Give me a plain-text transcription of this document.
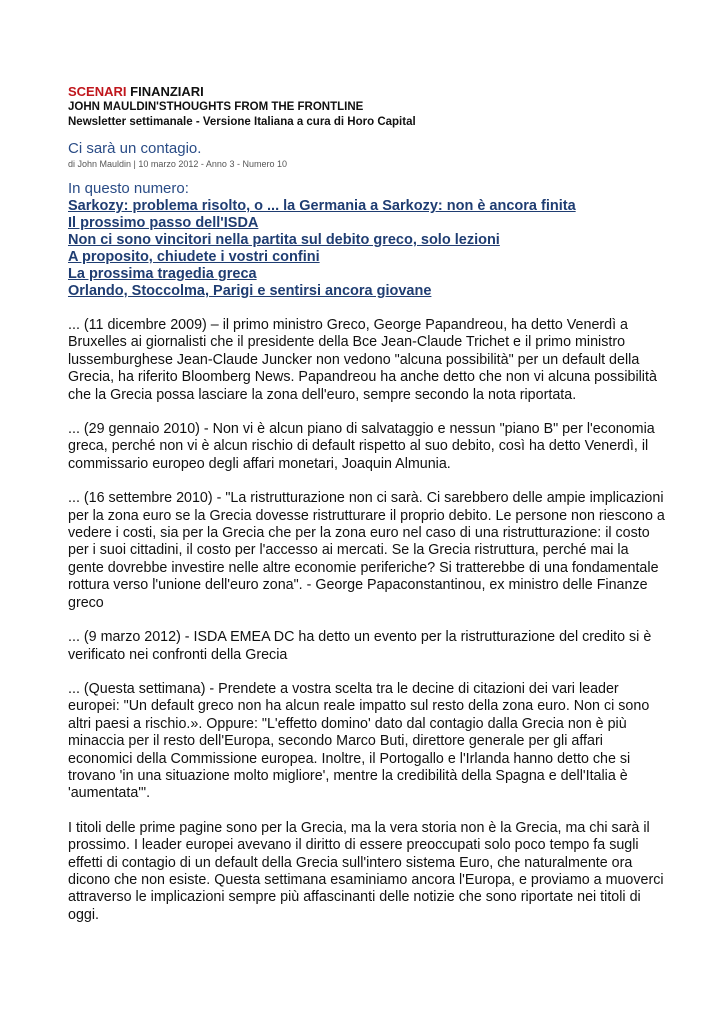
SCENARI FINANZIARI
JOHN MAULDIN'STHOUGHTS FROM THE FRONTLINE
Newsletter settimanale - Versione Italiana a cura di Horo Capital
Ci sarà un contagio.
di John Mauldin | 10 marzo 2012 - Anno 3 - Numero 10
In questo numero:
Sarkozy: problema risolto, o ... la Germania a Sarkozy: non è ancora finita
Il prossimo passo dell'ISDA
Non ci sono vincitori nella partita sul debito greco, solo lezioni
A proposito, chiudete i vostri confini
La prossima tragedia greca
Orlando, Stoccolma, Parigi e sentirsi ancora giovane

... (11 dicembre 2009) – il primo ministro Greco, George Papandreou, ha detto Venerdì a Bruxelles ai giornalisti che il presidente della Bce Jean-Claude Trichet e il primo ministro lussemburghese Jean-Claude Juncker non vedono "alcuna possibilità" per un default della Grecia, ha riferito Bloomberg News. Papandreou ha anche detto che non vi alcuna possibilità che la Grecia possa lasciare la zona dell'euro, sempre secondo la nota riportata.

... (29 gennaio 2010) - Non vi è alcun piano di salvataggio e nessun "piano B" per l'economia greca, perché non vi è alcun rischio di default rispetto al suo debito, così ha detto Venerdì, il commissario europeo degli affari monetari, Joaquin Almunia.

... (16 settembre 2010) - "La ristrutturazione non ci sarà. Ci sarebbero delle ampie implicazioni per la zona euro se la Grecia dovesse ristrutturare il proprio debito. Le persone non riescono a vedere i costi, sia per la Grecia che per la zona euro nel caso di una ristrutturazione: il costo per i suoi cittadini, il costo per l'accesso ai mercati. Se la Grecia ristruttura, perché mai la gente dovrebbe investire nelle altre economie periferiche? Si tratterebbe di una fondamentale rottura verso l'unione dell'euro zona". - George Papaconstantinou, ex ministro delle Finanze greco

... (9 marzo 2012) - ISDA EMEA DC ha detto un evento per la ristrutturazione del credito si è verificato nei confronti della Grecia

... (Questa settimana) - Prendete a vostra scelta tra le decine di citazioni dei vari leader europei: "Un default greco non ha alcun reale impatto sul resto della zona euro. Non ci sono altri paesi a rischio.». Oppure: "L'effetto domino' dato dal contagio dalla Grecia non è più minaccia per il resto dell'Europa, secondo Marco Buti, direttore generale per gli affari economici della Commissione europea. Inoltre, il Portogallo e l'Irlanda hanno detto che si trovano 'in una situazione molto migliore', mentre la credibilità della Spagna e dell'Italia è 'aumentata'".

I titoli delle prime pagine sono per la Grecia, ma la vera storia non è la Grecia, ma chi sarà il prossimo. I leader europei avevano il diritto di essere preoccupati solo poco tempo fa sugli effetti di contagio di un default della Grecia sull'intero sistema Euro, che naturalmente ora dicono che non esiste. Questa settimana esaminiamo ancora l'Europa, e proviamo a muoverci attraverso le implicazioni sempre più affascinanti delle notizie che sono riportate nei titoli di oggi.
